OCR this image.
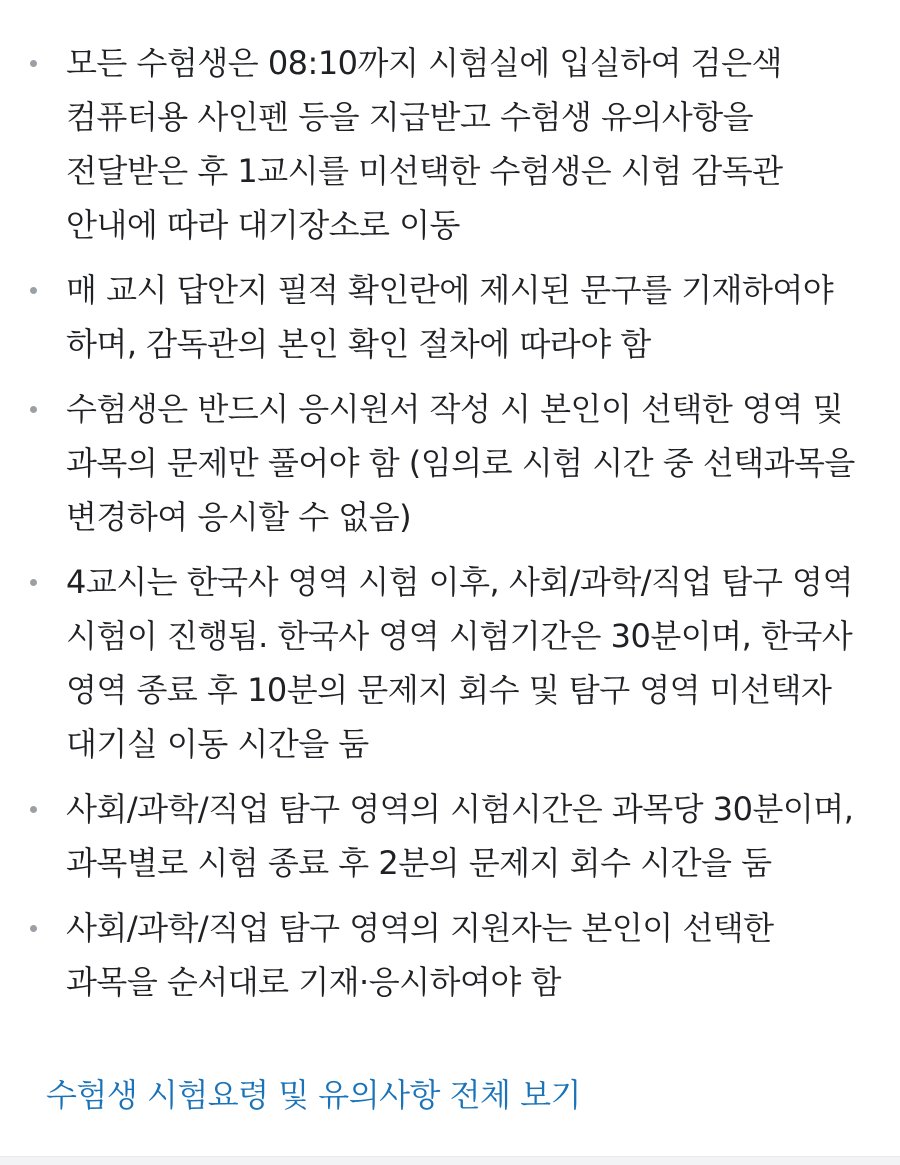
모든 수험생은 08:10까지 시험실에 입실하여 검은색 컴퓨터용 사인펜 등을 지급받고 수험생 유의사항을 전달받은 후 1교시를 미선택한 수험생은 시험 감독관 안내에 따라 대기장소로 이동
매 교시 답안지 필적 확인란에 제시된 문구를 기재하여야 하며, 감독관의 본인 확인 절차에 따라야 함
수험생은 반드시 응시원서 작성 시 본인이 선택한 영역 및 과목의 문제만 풀어야 함 (임의로 시험 시간 중 선택과목을 변경하여 응시할 수 없음)
4교시는 한국사 영역 시험 이후, 사회/과학/직업 탐구 영역 시험이 진행됨. 한국사 영역 시험기간은 30분이며, 한국사 영역 종료 후 10분의 문제지 회수 및 탐구 영역 미선택자 대기실 이동 시간을 둠
사회/과학/직업 탐구 영역의 시험시간은 과목당 30분이며, 과목별로 시험 종료 후 2분의 문제지 회수 시간을 둠
사회/과학/직업 탐구 영역의 지원자는 본인이 선택한 과목을 순서대로 기재·응시하여야 함
수험생 시험요령 및 유의사항 전체 보기
